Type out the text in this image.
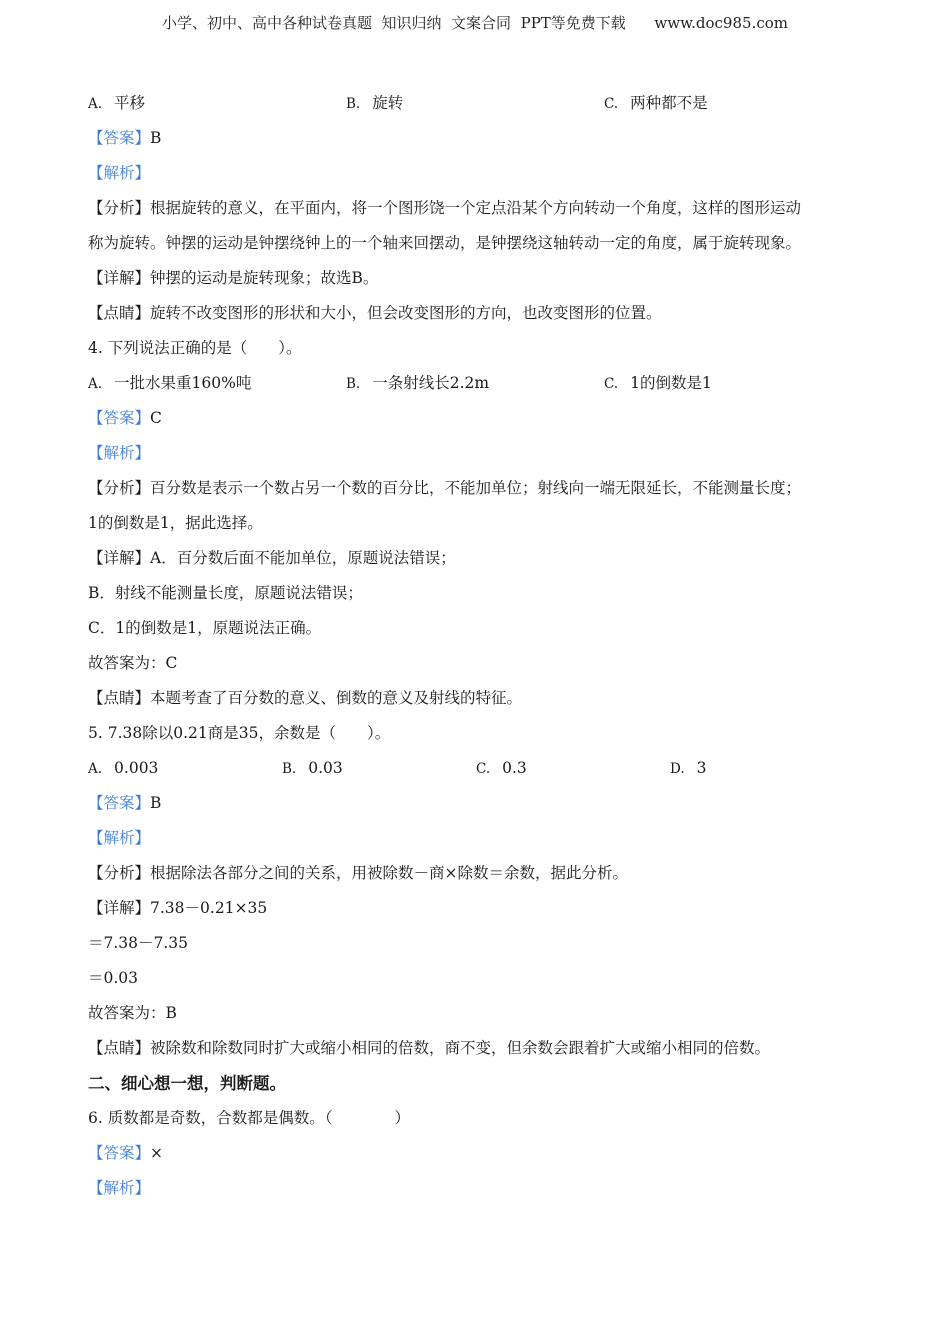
小学、初中、高中各种试卷真题  知识归纳  文案合同  PPT等免费下载      www.doc985.com
A. 平移	B. 旋转	C. 两种都不是
【答案】B
【解析】
【分析】根据旋转的意义，在平面内，将一个图形饶一个定点沿某个方向转动一个角度，这样的图形运动
称为旋转。钟摆的运动是钟摆绕钟上的一个轴来回摆动，是钟摆绕这轴转动一定的角度，属于旋转现象。
【详解】钟摆的运动是旋转现象；故选B。
【点睛】旋转不改变图形的形状和大小，但会改变图形的方向，也改变图形的位置。
4. 下列说法正确的是（　　）。
A. 一批水果重160%吨	B. 一条射线长2.2m	C. 1的倒数是1
【答案】C
【解析】
【分析】百分数是表示一个数占另一个数的百分比，不能加单位；射线向一端无限延长，不能测量长度；
1的倒数是1，据此选择。
【详解】A．百分数后面不能加单位，原题说法错误；
B．射线不能测量长度，原题说法错误；
C．1的倒数是1，原题说法正确。
故答案为：C
【点睛】本题考查了百分数的意义、倒数的意义及射线的特征。
5. 7.38除以0.21商是35，余数是（　　）。
A. 0.003	B. 0.03	C. 0.3	D. 3
【答案】B
【解析】
【分析】根据除法各部分之间的关系，用被除数－商×除数＝余数，据此分析。
【详解】7.38－0.21×35
＝7.38－7.35
＝0.03
故答案为：B
【点睛】被除数和除数同时扩大或缩小相同的倍数，商不变，但余数会跟着扩大或缩小相同的倍数。
二、细心想一想，判断题。
6. 质数都是奇数，合数都是偶数。（　　　　）
【答案】×
【解析】
